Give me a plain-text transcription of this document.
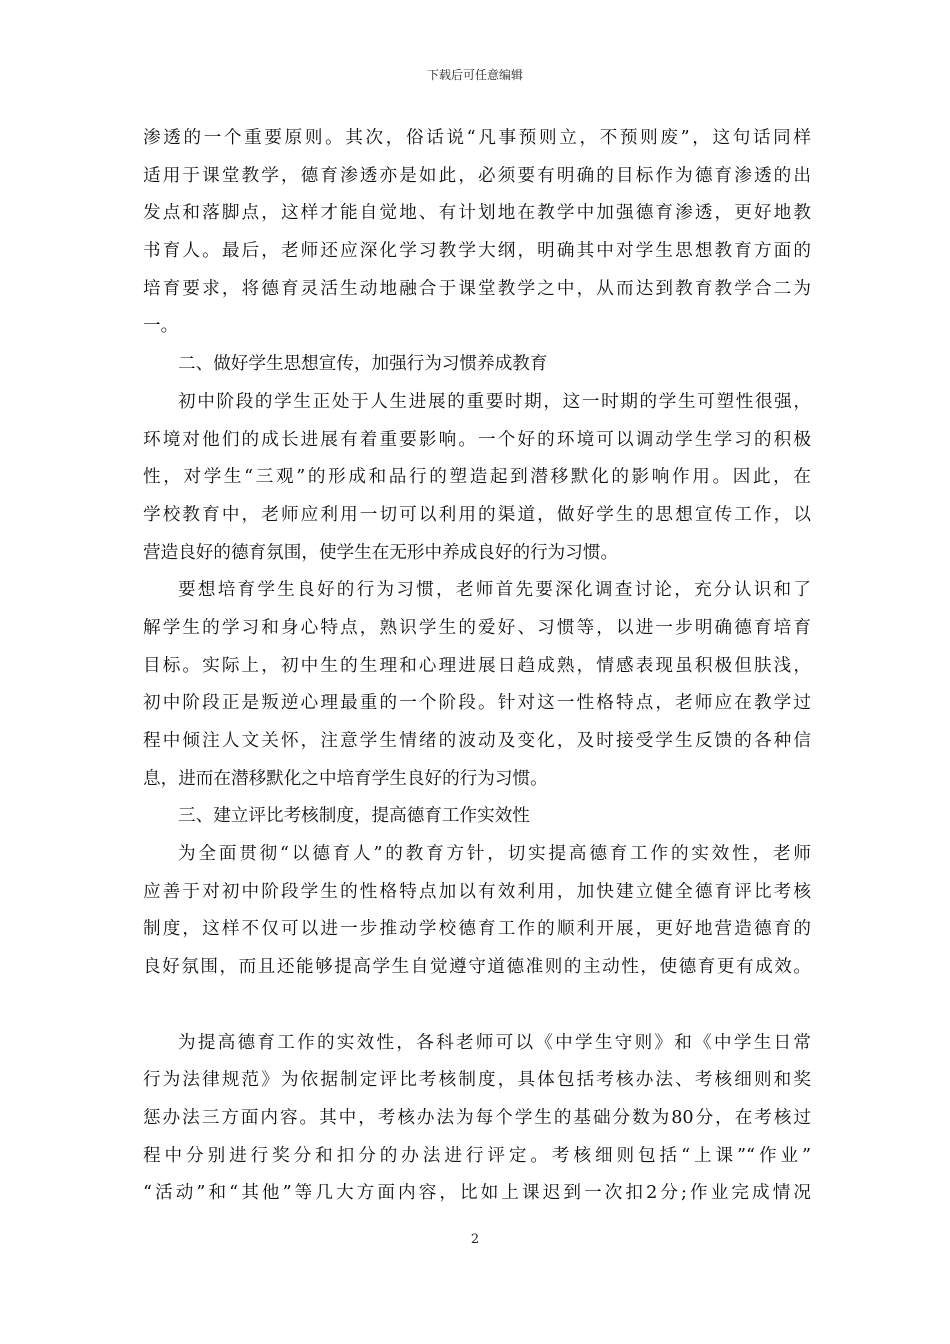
下载后可任意编辑
渗透的一个重要原则。其次，俗话说“凡事预则立，不预则废”，这句话同样
适用于课堂教学，德育渗透亦是如此，必须要有明确的目标作为德育渗透的出
发点和落脚点，这样才能自觉地、有计划地在教学中加强德育渗透，更好地教
书育人。最后，老师还应深化学习教学大纲，明确其中对学生思想教育方面的
培育要求，将德育灵活生动地融合于课堂教学之中，从而达到教育教学合二为
一。
二、做好学生思想宣传，加强行为习惯养成教育
初中阶段的学生正处于人生进展的重要时期，这一时期的学生可塑性很强，
环境对他们的成长进展有着重要影响。一个好的环境可以调动学生学习的积极
性，对学生“三观”的形成和品行的塑造起到潜移默化的影响作用。因此，在
学校教育中，老师应利用一切可以利用的渠道，做好学生的思想宣传工作，以
营造良好的德育氛围，使学生在无形中养成良好的行为习惯。
要想培育学生良好的行为习惯，老师首先要深化调查讨论，充分认识和了
解学生的学习和身心特点，熟识学生的爱好、习惯等，以进一步明确德育培育
目标。实际上，初中生的生理和心理进展日趋成熟，情感表现虽积极但肤浅，
初中阶段正是叛逆心理最重的一个阶段。针对这一性格特点，老师应在教学过
程中倾注人文关怀，注意学生情绪的波动及变化，及时接受学生反馈的各种信
息，进而在潜移默化之中培育学生良好的行为习惯。
三、建立评比考核制度，提高德育工作实效性
为全面贯彻“以德育人”的教育方针，切实提高德育工作的实效性，老师
应善于对初中阶段学生的性格特点加以有效利用，加快建立健全德育评比考核
制度，这样不仅可以进一步推动学校德育工作的顺利开展，更好地营造德育的
良好氛围，而且还能够提高学生自觉遵守道德准则的主动性，使德育更有成效。
为提高德育工作的实效性，各科老师可以《中学生守则》和《中学生日常
行为法律规范》为依据制定评比考核制度，具体包括考核办法、考核细则和奖
惩办法三方面内容。其中，考核办法为每个学生的基础分数为80分，在考核过
程中分别进行奖分和扣分的办法进行评定。考核细则包括“上课”“作业”
“活动”和“其他”等几大方面内容，比如上课迟到一次扣2分;作业完成情况
2
